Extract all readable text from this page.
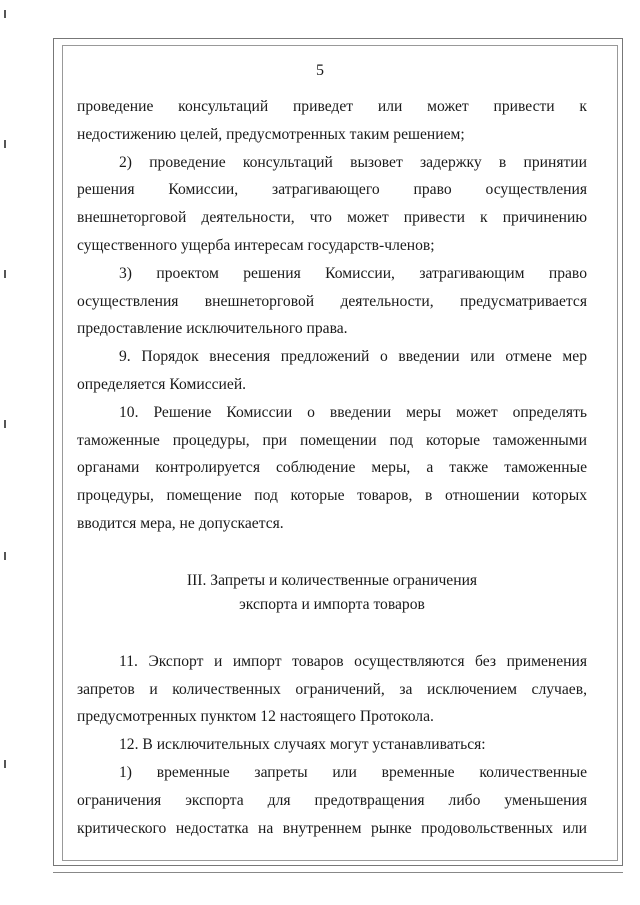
5
проведение консультаций приведет или может привести к
недостижению целей, предусмотренных таким решением;
2) проведение консультаций вызовет задержку в принятии
решения Комиссии, затрагивающего право осуществления
внешнеторговой деятельности, что может привести к причинению
существенного ущерба интересам государств-членов;
3) проектом решения Комиссии, затрагивающим право
осуществления внешнеторговой деятельности, предусматривается
предоставление исключительного права.
9. Порядок внесения предложений о введении или отмене мер
определяется Комиссией.
10. Решение Комиссии о введении меры может определять
таможенные процедуры, при помещении под которые таможенными
органами контролируется соблюдение меры, а также таможенные
процедуры, помещение под которые товаров, в отношении которых
вводится мера, не допускается.
III. Запреты и количественные ограничения
экспорта и импорта товаров
11. Экспорт и импорт товаров осуществляются без применения
запретов и количественных ограничений, за исключением случаев,
предусмотренных пунктом 12 настоящего Протокола.
12. В исключительных случаях могут устанавливаться:
1) временные запреты или временные количественные
ограничения экспорта для предотвращения либо уменьшения
критического недостатка на внутреннем рынке продовольственных или
